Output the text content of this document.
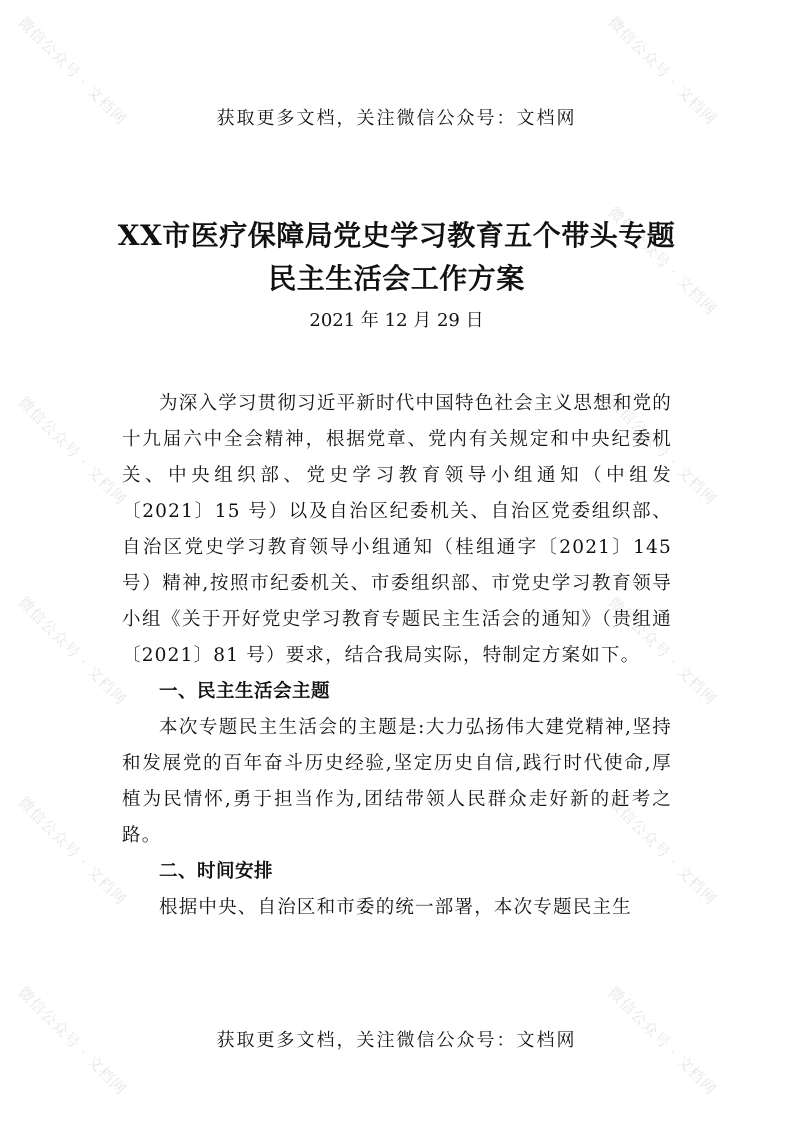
微信公众号 · 文档网	微信公众号 · 文档网
微信公众号 · 文档网
微信公众号 · 文档网	微信公众号 · 文档网
微信公众号 · 文档网	微信公众号 · 文档网
微信公众号 · 文档网	微信公众号 · 文档网
微信公众号 · 文档网	微信公众号 · 文档网
获取更多文档，关注微信公众号：文档网
XX市医疗保障局党史学习教育五个带头专题民主生活会工作方案
2021 年 12 月 29 日

为深入学习贯彻习近平新时代中国特色社会主义思想和党的十九届六中全会精神，根据党章、党内有关规定和中央纪委机关、中央组织部、党史学习教育领导小组通知（中组发〔2021〕15 号）以及自治区纪委机关、自治区党委组织部、自治区党史学习教育领导小组通知（桂组通字〔2021〕145 号）精神,按照市纪委机关、市委组织部、市党史学习教育领导小组《关于开好党史学习教育专题民主生活会的通知》（贵组通〔2021〕81 号）要求，结合我局实际，特制定方案如下。

一、民主生活会主题

本次专题民主生活会的主题是:大力弘扬伟大建党精神,坚持和发展党的百年奋斗历史经验,坚定历史自信,践行时代使命,厚植为民情怀,勇于担当作为,团结带领人民群众走好新的赶考之路。

二、时间安排

根据中央、自治区和市委的统一部署，本次专题民主生

获取更多文档，关注微信公众号：文档网
